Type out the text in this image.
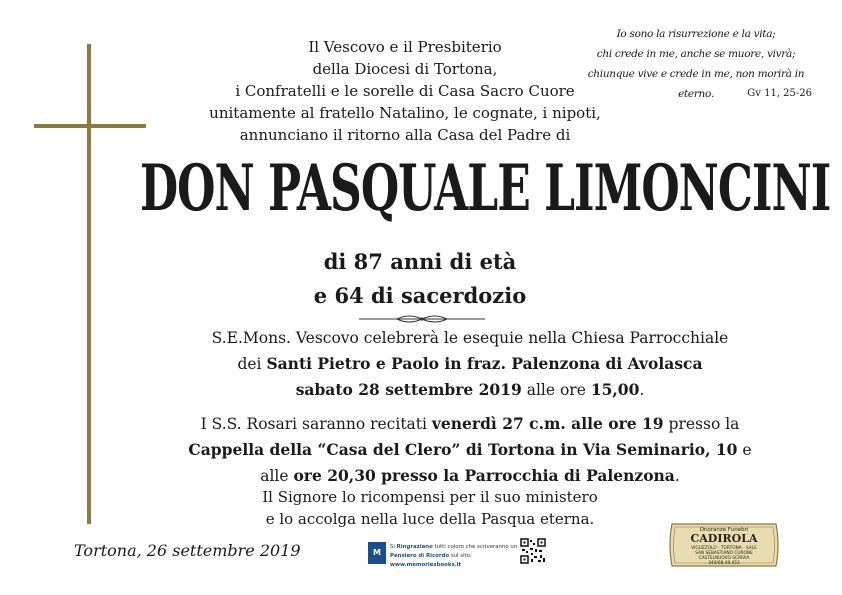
Io sono la risurrezione e la vita;
chi crede in me, anche se muore, vivrà;
chiunque vive e crede in me, non morirà in eterno.	Gv 11, 25-26
Il Vescovo e il Presbiterio
della Diocesi di Tortona,
i Confratelli e le sorelle di Casa Sacro Cuore
unitamente al fratello Natalino, le cognate, i nipoti,
annunciano il ritorno alla Casa del Padre di
DON PASQUALE LIMONCINI
di 87 anni di età
e 64 di sacerdozio
S.E.Mons. Vescovo celebrerà le esequie nella Chiesa Parrocchiale
dei Santi Pietro e Paolo in fraz. Palenzona di Avolasca
sabato 28 settembre 2019 alle ore 15,00.
I S.S. Rosari saranno recitati venerdì 27 c.m. alle ore 19 presso la
Cappella della “Casa del Clero” di Tortona in Via Seminario, 10 e
alle ore 20,30 presso la Parrocchia di Palenzona.
Il Signore lo ricompensi per il suo ministero
e lo accolga nella luce della Pasqua eterna.
Tortona, 26 settembre 2019	M
Si Ringraziano tutti coloro che scriveranno un
Pensiero di Ricordo sul sito: www.memoriesbooks.it
Onoranze Funebri
CADIROLA
VIGUZZOLO - TORTONA - SALE
SAN SEBASTIANO CURONE
CASTELNUOVO SCRIVIA
340/68.49.453
